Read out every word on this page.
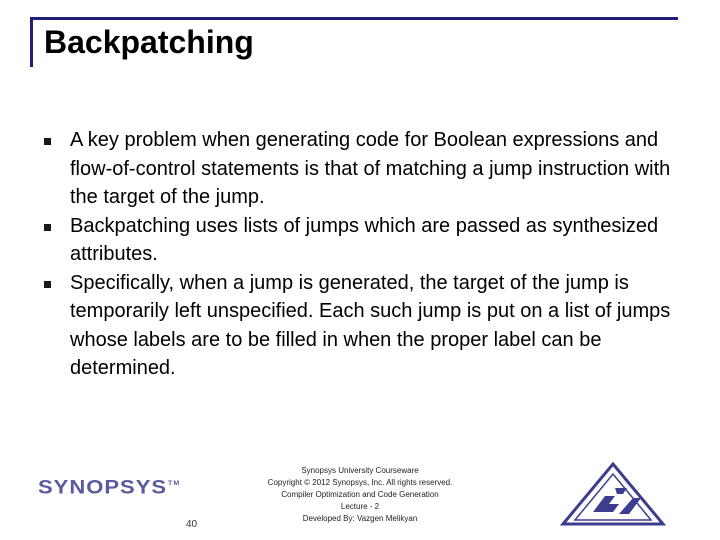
Backpatching
A key problem when generating code for Boolean expressions and flow-of-control statements is that of matching a jump instruction with the target of the jump.
Backpatching uses lists of jumps which are passed as synthesized attributes.
Specifically, when a jump is generated, the target of the jump is temporarily left unspecified. Each such jump is put on a list of jumps whose labels are to be filled in when the proper label can be determined.
SYNOPSYS™
40
Synopsys University Courseware
Copyright © 2012 Synopsys, Inc. All rights reserved.
Compiler Optimization and Code Generation
Lecture - 2
Developed By: Vazgen Melikyan
